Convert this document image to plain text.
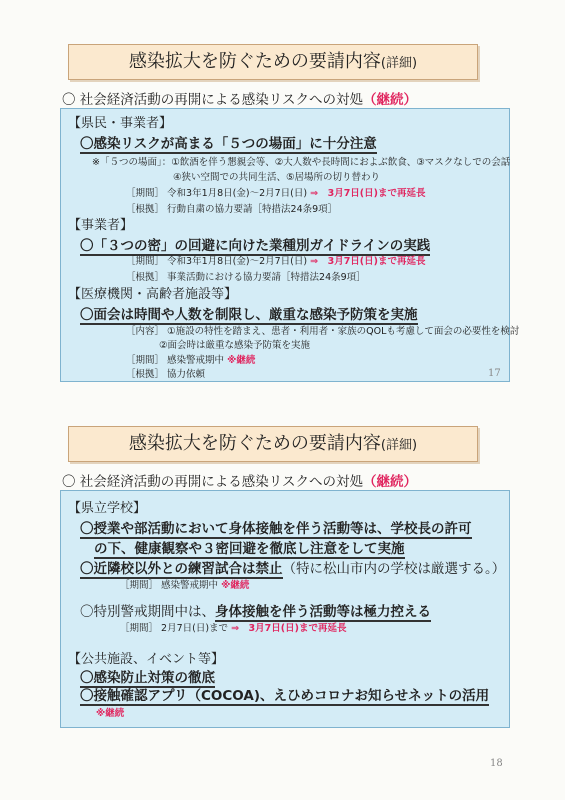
感染拡大を防ぐための要請内容(詳細)
〇 社会経済活動の再開による感染リスクへの対処（継続）
【県民・事業者】
〇感染リスクが高まる「５つの場面」に十分注意
※「５つの場面」：①飲酒を伴う懇親会等、②大人数や長時間におよぶ飲食、③マスクなしでの会話
④狭い空間での共同生活、⑤居場所の切り替わり
［期間］ 令和3年1月8日(金)～2月7日(日) ⇒　3月7日(日)まで再延長
［根拠］ 行動自粛の協力要請［特措法24条9項］
【事業者】
〇「３つの密」の回避に向けた業種別ガイドラインの実践
［期間］ 令和3年1月8日(金)～2月7日(日) ⇒　3月7日(日)まで再延長
［根拠］ 事業活動における協力要請［特措法24条9項］
【医療機関・高齢者施設等】
〇面会は時間や人数を制限し、厳重な感染予防策を実施
［内容］ ①施設の特性を踏まえ、患者・利用者・家族のQOLも考慮して面会の必要性を検討
②面会時は厳重な感染予防策を実施
［期間］ 感染警戒期中 ※継続
［根拠］ 協力依頼	17
感染拡大を防ぐための要請内容(詳細)
〇 社会経済活動の再開による感染リスクへの対処（継続）
【県立学校】
〇授業や部活動において身体接触を伴う活動等は、学校長の許可
の下、健康観察や３密回避を徹底し注意をして実施
〇近隣校以外との練習試合は禁止（特に松山市内の学校は厳選する。）
［期間］ 感染警戒期中 ※継続
〇特別警戒期間中は、身体接触を伴う活動等は極力控える
［期間］ 2月7日(日)まで ⇒　3月7日(日)まで再延長
【公共施設、イベント等】
〇感染防止対策の徹底
〇接触確認アプリ（COCOA)、えひめコロナお知らせネットの活用
※継続
18
